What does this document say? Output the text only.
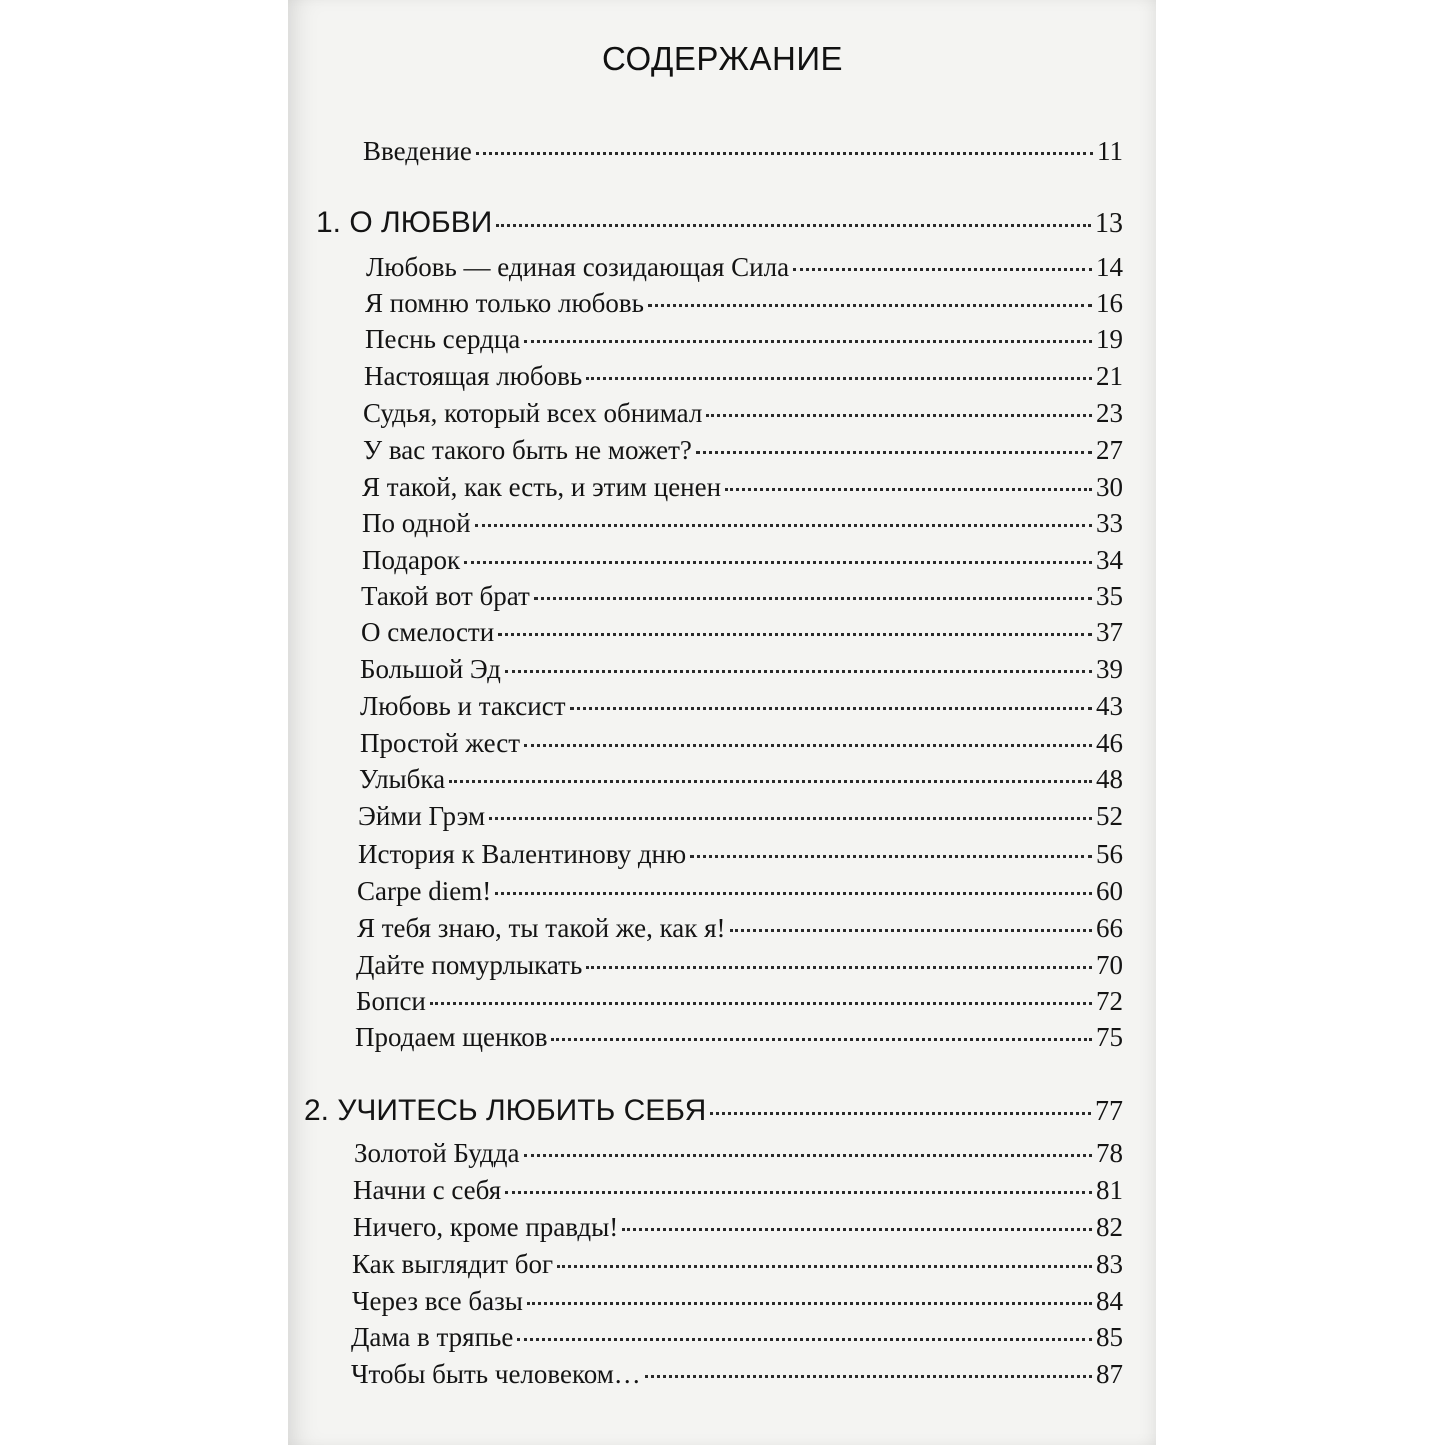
СОДЕРЖАНИЕ
Введение	11
1. О ЛЮБВИ	13
Любовь — единая созидающая Сила	14
Я помню только любовь	16
Песнь сердца	19
Настоящая любовь	21
Судья, который всех обнимал	23
У вас такого быть не может?	27
Я такой, как есть, и этим ценен	30
По одной	33
Подарок	34
Такой вот брат	35
О смелости	37
Большой Эд	39
Любовь и таксист	43
Простой жест	46
Улыбка	48
Эйми Грэм	52
История к Валентинову дню	56
Carpe diem!	60
Я тебя знаю, ты такой же, как я!	66
Дайте помурлыкать	70
Бопси	72
Продаем щенков	75
2. УЧИТЕСЬ ЛЮБИТЬ СЕБЯ	77
Золотой Будда	78
Начни с себя	81
Ничего, кроме правды!	82
Как выглядит бог	83
Через все базы	84
Дама в тряпье	85
Чтобы быть человеком…	87
